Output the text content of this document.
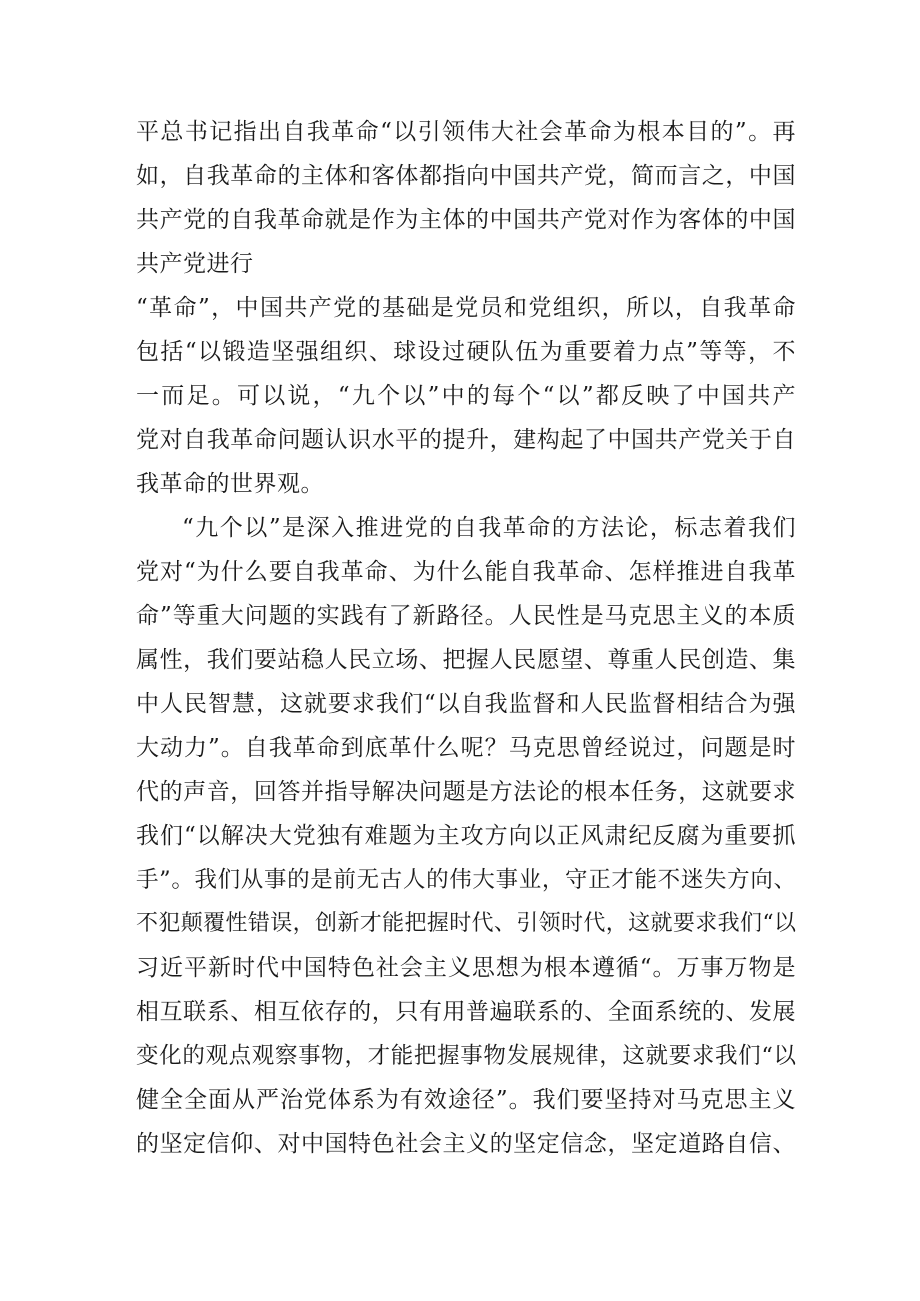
平总书记指出自我革命“以引领伟大社会革命为根本目的”。再
如，自我革命的主体和客体都指向中国共产党，简而言之，中国
共产党的自我革命就是作为主体的中国共产党对作为客体的中国
共产党进行
“革命”，中国共产党的基础是党员和党组织，所以，自我革命
包括“以锻造坚强组织、球设过硬队伍为重要着力点”等等，不
一而足。可以说，“九个以”中的每个“以”都反映了中国共产
党对自我革命问题认识水平的提升，建构起了中国共产党关于自
我革命的世界观。
“九个以”是深入推进党的自我革命的方法论，标志着我们
党对“为什么要自我革命、为什么能自我革命、怎样推进自我革
命”等重大问题的实践有了新路径。人民性是马克思主义的本质
属性，我们要站稳人民立场、把握人民愿望、尊重人民创造、集
中人民智慧，这就要求我们“以自我监督和人民监督相结合为强
大动力”。自我革命到底革什么呢？马克思曾经说过，问题是时
代的声音，回答并指导解决问题是方法论的根本任务，这就要求
我们“以解决大党独有难题为主攻方向以正风肃纪反腐为重要抓
手”。我们从事的是前无古人的伟大事业，守正才能不迷失方向、
不犯颠覆性错误，创新才能把握时代、引领时代，这就要求我们“以
习近平新时代中国特色社会主义思想为根本遵循“。万事万物是
相互联系、相互依存的，只有用普遍联系的、全面系统的、发展
变化的观点观察事物，才能把握事物发展规律，这就要求我们“以
健全全面从严治党体系为有效途径”。我们要坚持对马克思主义
的坚定信仰、对中国特色社会主义的坚定信念，坚定道路自信、
